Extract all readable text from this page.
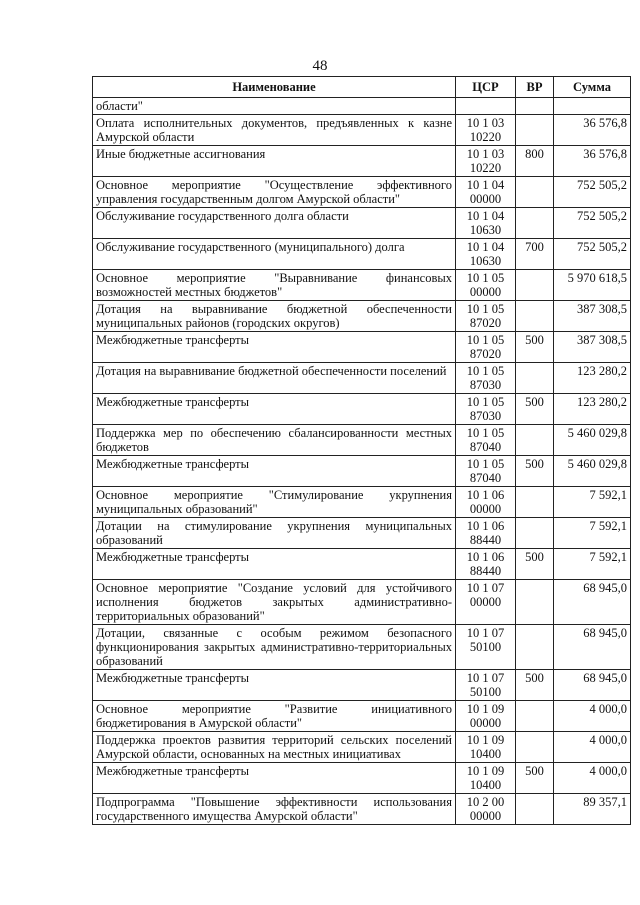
48
Наименование	ЦСР	ВР	Сумма
области"			
Оплата исполнительных документов, предъявленных к казне Амурской области	10 1 03 10220		36 576,8
Иные бюджетные ассигнования	10 1 03 10220	800	36 576,8
Основное мероприятие "Осуществление эффективного управления государственным долгом Амурской области"	10 1 04 00000		752 505,2
Обслуживание государственного долга области	10 1 04 10630		752 505,2
Обслуживание государственного (муниципального) долга	10 1 04 10630	700	752 505,2
Основное мероприятие "Выравнивание финансовых возможностей местных бюджетов"	10 1 05 00000		5 970 618,5
Дотация на выравнивание бюджетной обеспеченности муниципальных районов (городских округов)	10 1 05 87020		387 308,5
Межбюджетные трансферты	10 1 05 87020	500	387 308,5
Дотация на выравнивание бюджетной обеспеченности поселений	10 1 05 87030		123 280,2
Межбюджетные трансферты	10 1 05 87030	500	123 280,2
Поддержка мер по обеспечению сбалансированности местных бюджетов	10 1 05 87040		5 460 029,8
Межбюджетные трансферты	10 1 05 87040	500	5 460 029,8
Основное мероприятие "Стимулирование укрупнения муниципальных образований"	10 1 06 00000		7 592,1
Дотации на стимулирование укрупнения муниципальных образований	10 1 06 88440		7 592,1
Межбюджетные трансферты	10 1 06 88440	500	7 592,1
Основное мероприятие "Создание условий для устойчивого исполнения бюджетов закрытых административно-территориальных образований"	10 1 07 00000		68 945,0
Дотации, связанные с особым режимом безопасного функционирования закрытых административно-территориальных образований	10 1 07 50100		68 945,0
Межбюджетные трансферты	10 1 07 50100	500	68 945,0
Основное мероприятие "Развитие инициативного бюджетирования в Амурской области"	10 1 09 00000		4 000,0
Поддержка проектов развития территорий сельских поселений Амурской области, основанных на местных инициативах	10 1 09 10400		4 000,0
Межбюджетные трансферты	10 1 09 10400	500	4 000,0
Подпрограмма "Повышение эффективности использования государственного имущества Амурской области"	10 2 00 00000		89 357,1
